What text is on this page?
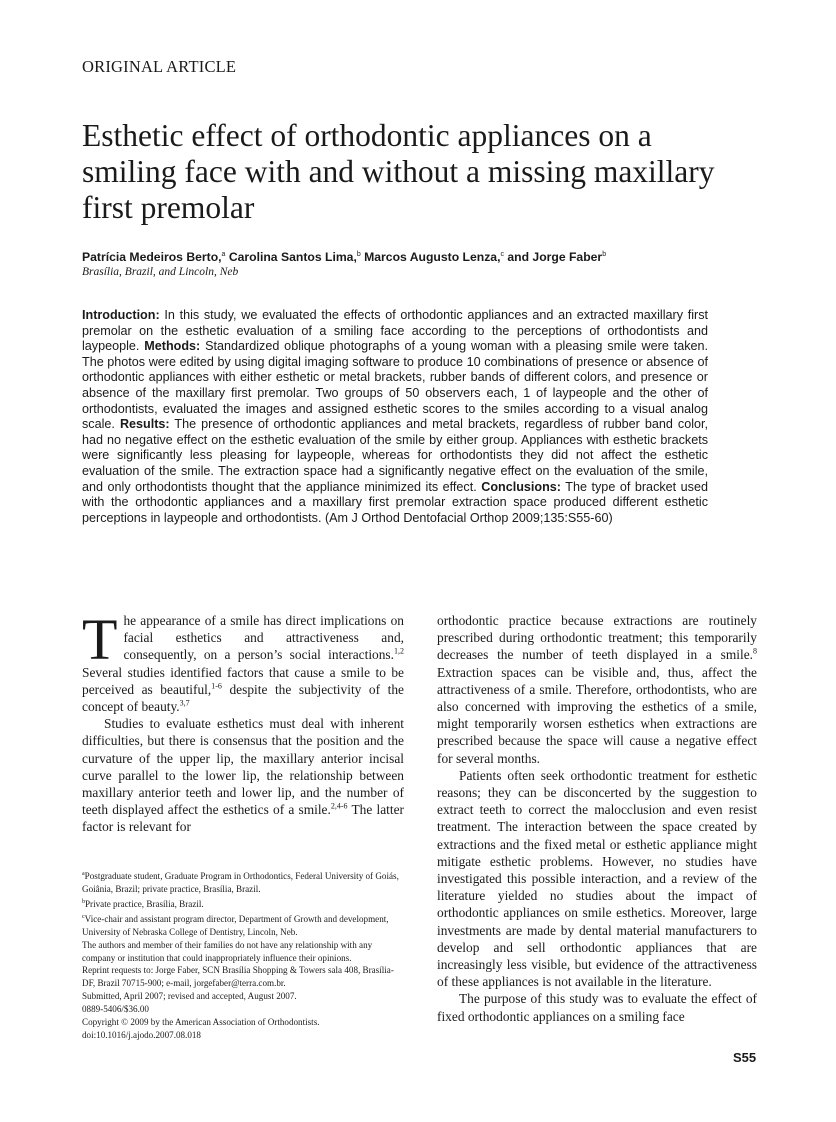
ORIGINAL ARTICLE
Esthetic effect of orthodontic appliances on a smiling face with and without a missing maxillary first premolar
Patrícia Medeiros Berto,$^a$ Carolina Santos Lima,$^b$ Marcos Augusto Lenza,$^c$ and Jorge Faber$^b$
Brasília, Brazil, and Lincoln, Neb

Introduction: In this study, we evaluated the effects of orthodontic appliances and an extracted maxillary first premolar on the esthetic evaluation of a smiling face according to the perceptions of orthodontists and laypeople. Methods: Standardized oblique photographs of a young woman with a pleasing smile were taken. The photos were edited by using digital imaging software to produce 10 combinations of presence or absence of orthodontic appliances with either esthetic or metal brackets, rubber bands of different colors, and presence or absence of the maxillary first premolar. Two groups of 50 observers each, 1 of laypeople and the other of orthodontists, evaluated the images and assigned esthetic scores to the smiles according to a visual analog scale. Results: The presence of orthodontic appliances and metal brackets, regardless of rubber band color, had no negative effect on the esthetic evaluation of the smile by either group. Appliances with esthetic brackets were significantly less pleasing for laypeople, whereas for orthodontists they did not affect the esthetic evaluation of the smile. The extraction space had a significantly negative effect on the evaluation of the smile, and only orthodontists thought that the appliance minimized its effect. Conclusions: The type of bracket used with the orthodontic appliances and a maxillary first premolar extraction space produced different esthetic perceptions in laypeople and orthodontists. (Am J Orthod Dentofacial Orthop 2009;135:S55-60)

The appearance of a smile has direct implications on facial esthetics and attractiveness and, consequently, on a person’s social interactions.$^{1,2}$ Several studies identified factors that cause a smile to be perceived as beautiful,$^{1-6}$ despite the subjectivity of the concept of beauty.$^{3,7}$

Studies to evaluate esthetics must deal with inherent difficulties, but there is consensus that the position and the curvature of the upper lip, the maxillary anterior incisal curve parallel to the lower lip, the relationship between maxillary anterior teeth and lower lip, and the number of teeth displayed affect the esthetics of a smile.$^{2,4-6}$ The latter factor is relevant for

orthodontic practice because extractions are routinely prescribed during orthodontic treatment; this temporarily decreases the number of teeth displayed in a smile.$^8$ Extraction spaces can be visible and, thus, affect the attractiveness of a smile. Therefore, orthodontists, who are also concerned with improving the esthetics of a smile, might temporarily worsen esthetics when extractions are prescribed because the space will cause a negative effect for several months.

Patients often seek orthodontic treatment for esthetic reasons; they can be disconcerted by the suggestion to extract teeth to correct the malocclusion and even resist treatment. The interaction between the space created by extractions and the fixed metal or esthetic appliance might mitigate esthetic problems. However, no studies have investigated this possible interaction, and a review of the literature yielded no studies about the impact of orthodontic appliances on smile esthetics. Moreover, large investments are made by dental material manufacturers to develop and sell orthodontic appliances that are increasingly less visible, but evidence of the attractiveness of these appliances is not available in the literature.

The purpose of this study was to evaluate the effect of fixed orthodontic appliances on a smiling face

$^a$Postgraduate student, Graduate Program in Orthodontics, Federal University of Goiás, Goiânia, Brazil; private practice, Brasília, Brazil.
$^b$Private practice, Brasília, Brazil.
$^c$Vice-chair and assistant program director, Department of Growth and development, University of Nebraska College of Dentistry, Lincoln, Neb.
The authors and member of their families do not have any relationship with any company or institution that could inappropriately influence their opinions.
Reprint requests to: Jorge Faber, SCN Brasília Shopping & Towers sala 408, Brasília-DF, Brazil 70715-900; e-mail, jorgefaber@terra.com.br.
Submitted, April 2007; revised and accepted, August 2007.
0889-5406/$36.00
Copyright © 2009 by the American Association of Orthodontists.
doi:10.1016/j.ajodo.2007.08.018
S55
